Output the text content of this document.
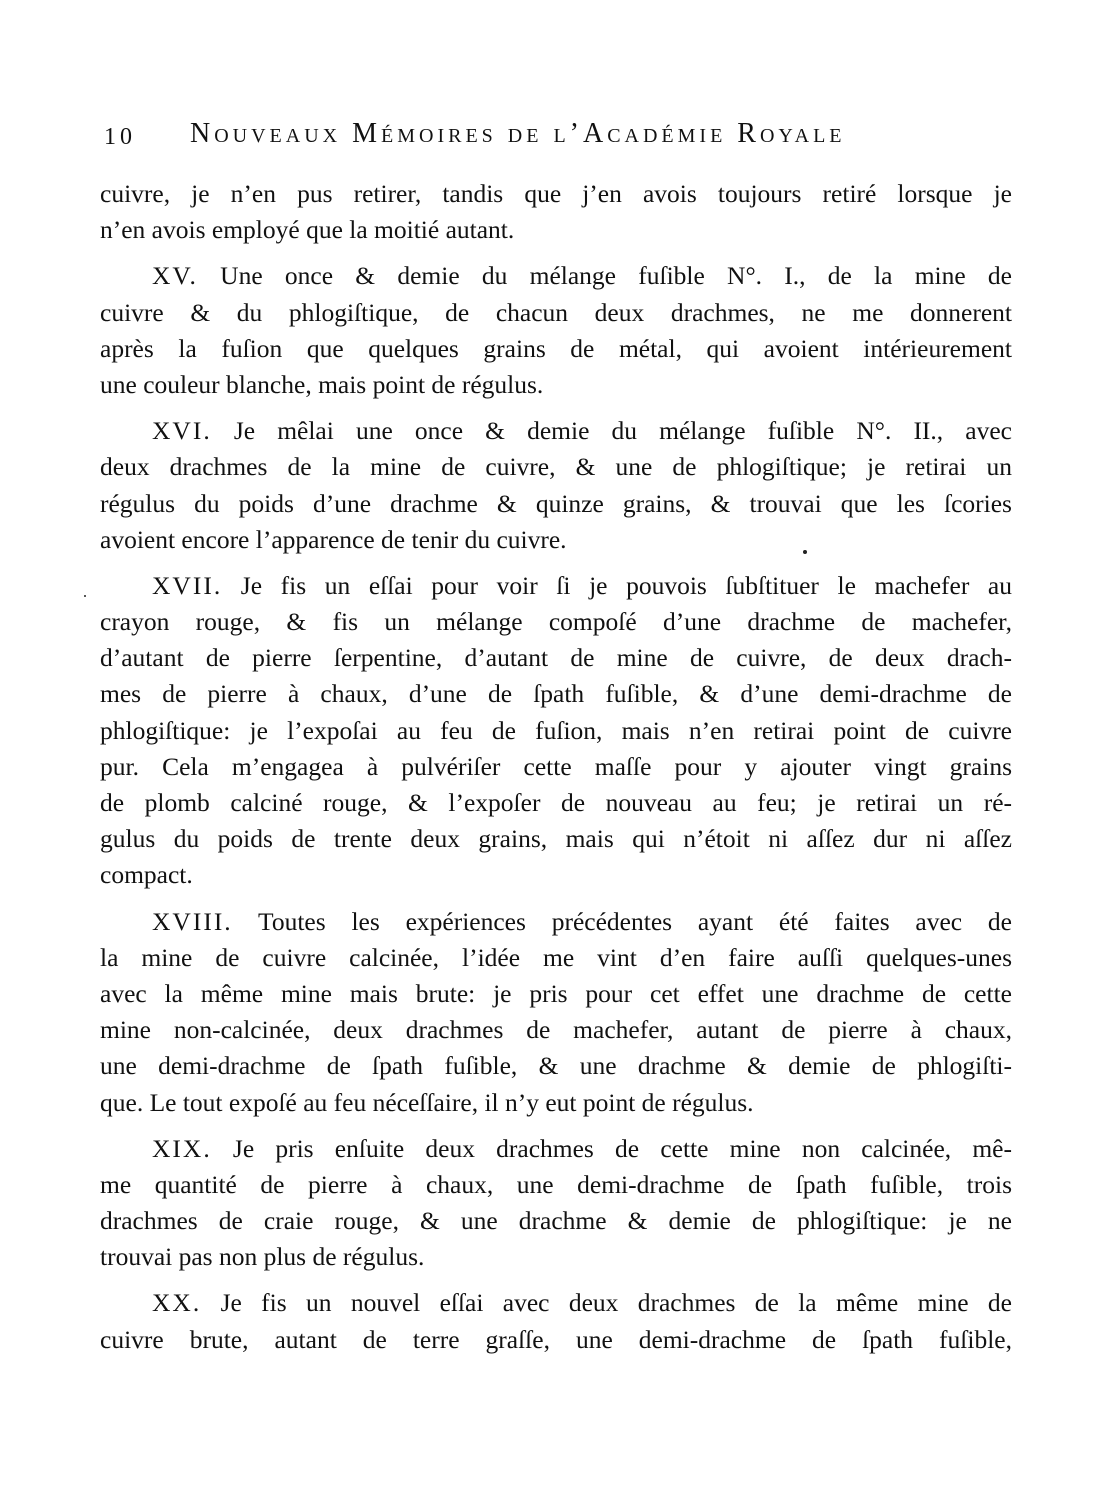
10 Nouveaux Mémoires de l’Académie Royale
cuivre, je n’en pus retirer, tandis que j’en avois toujours retiré lorsque je
n’en avois employé que la moitié autant.
XV. Une once & demie du mélange fuſible N°. I., de la mine de
cuivre & du phlogiſtique, de chacun deux drachmes, ne me donnerent
après la fuſion que quelques grains de métal, qui avoient intérieurement
une couleur blanche, mais point de régulus.
XVI. Je mêlai une once & demie du mélange fuſible N°. II., avec
deux drachmes de la mine de cuivre, & une de phlogiſtique; je retirai un
régulus du poids d’une drachme & quinze grains, & trouvai que les ſcories
avoient encore l’apparence de tenir du cuivre.
XVII. Je fis un eſſai pour voir ſi je pouvois ſubſtituer le machefer au
crayon rouge, & fis un mélange compoſé d’une drachme de machefer,
d’autant de pierre ſerpentine, d’autant de mine de cuivre, de deux drach-
mes de pierre à chaux, d’une de ſpath fuſible, & d’une demi-drachme de
phlogiſtique: je l’expoſai au feu de fuſion, mais n’en retirai point de cuivre
pur. Cela m’engagea à pulvériſer cette maſſe pour y ajouter vingt grains
de plomb calciné rouge, & l’expoſer de nouveau au feu; je retirai un ré-
gulus du poids de trente deux grains, mais qui n’étoit ni aſſez dur ni aſſez
compact.
XVIII. Toutes les expériences précédentes ayant été faites avec de
la mine de cuivre calcinée, l’idée me vint d’en faire auſſi quelques-unes
avec la même mine mais brute: je pris pour cet effet une drachme de cette
mine non-calcinée, deux drachmes de machefer, autant de pierre à chaux,
une demi-drachme de ſpath fuſible, & une drachme & demie de phlogiſti-
que. Le tout expoſé au feu néceſſaire, il n’y eut point de régulus.
XIX. Je pris enſuite deux drachmes de cette mine non calcinée, mê-
me quantité de pierre à chaux, une demi-drachme de ſpath fuſible, trois
drachmes de craie rouge, & une drachme & demie de phlogiſtique: je ne
trouvai pas non plus de régulus.
XX. Je fis un nouvel eſſai avec deux drachmes de la même mine de
cuivre brute, autant de terre graſſe, une demi-drachme de ſpath fuſible,
